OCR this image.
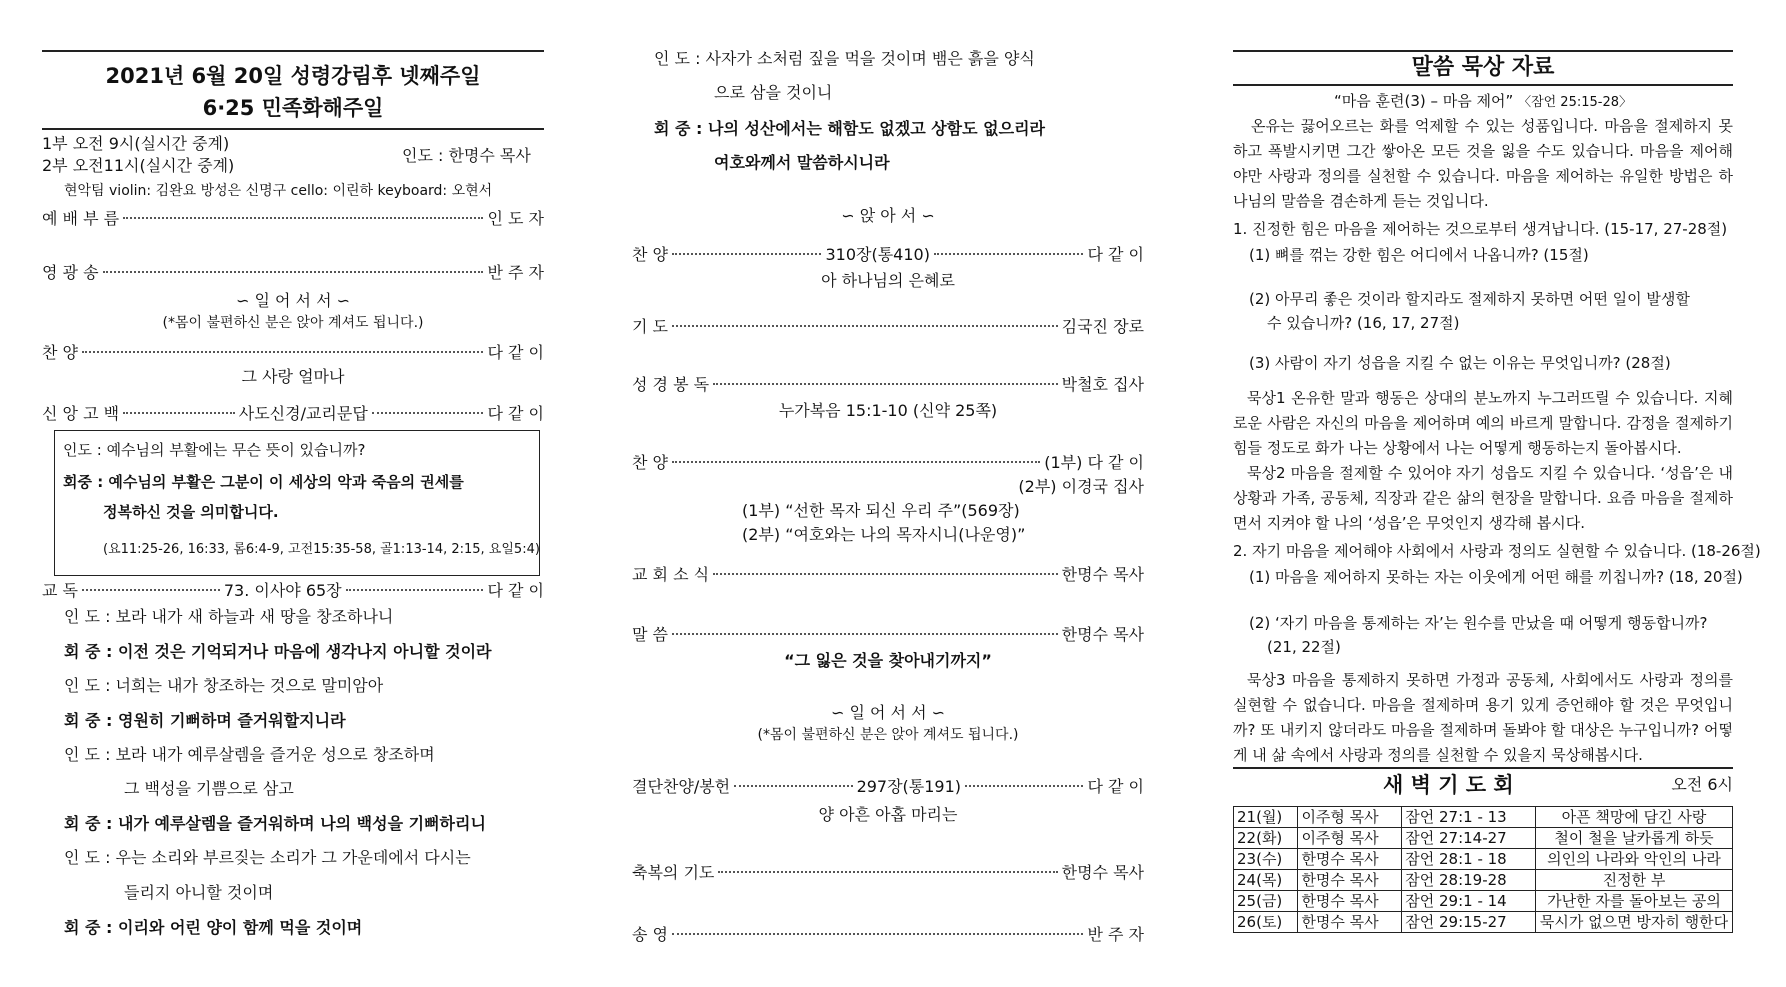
2021년 6월 20일 성령강림후 넷째주일
6·25 민족화해주일
1부 오전 9시(실시간 중계)
2부 오전11시(실시간 중계)
인도 : 한명수 목사
현악팀 violin: 김완요 방성은 신명구 cello: 이린하 keyboard: 오현서
예 배 부 름	인 도 자
영 광 송	반 주 자
∽ 일 어 서 서 ∽
(*몸이 불편하신 분은 앉아 계셔도 됩니다.)
찬 양	다 같 이
그 사랑 얼마나
신 앙 고 백	사도신경/교리문답	다 같 이
인도 : 예수님의 부활에는 무슨 뜻이 있습니까?
회중 : 예수님의 부활은 그분이 이 세상의 악과 죽음의 권세를
정복하신 것을 의미합니다.
(요11:25-26, 16:33, 롬6:4-9, 고전15:35-58, 골1:13-14, 2:15, 요일5:4)
교 독	73. 이사야 65장	다 같 이
인 도 : 보라 내가 새 하늘과 새 땅을 창조하나니
회 중 : 이전 것은 기억되거나 마음에 생각나지 아니할 것이라
인 도 : 너희는 내가 창조하는 것으로 말미암아
회 중 : 영원히 기뻐하며 즐거워할지니라
인 도 : 보라 내가 예루살렘을 즐거운 성으로 창조하며
그 백성을 기쁨으로 삼고
회 중 : 내가 예루살렘을 즐거워하며 나의 백성을 기뻐하리니
인 도 : 우는 소리와 부르짖는 소리가 그 가운데에서 다시는
들리지 아니할 것이며
회 중 : 이리와 어린 양이 함께 먹을 것이며
인 도 : 사자가 소처럼 짚을 먹을 것이며 뱀은 흙을 양식
으로 삼을 것이니
회 중 : 나의 성산에서는 해함도 없겠고 상함도 없으리라
여호와께서 말씀하시니라
∽ 앉 아 서 ∽
찬 양	310장(통410)	다 같 이
아 하나님의 은혜로
기 도	김국진 장로
성 경 봉 독	박철호 집사
누가복음 15:1-10 (신약 25쪽)
찬 양	(1부) 다 같 이
(2부) 이경국 집사
(1부) “선한 목자 되신 우리 주”(569장)
(2부) “여호와는 나의 목자시니(나운영)”
교 회 소 식	한명수 목사
말 씀	한명수 목사
“그 잃은 것을 찾아내기까지”
∽ 일 어 서 서 ∽
(*몸이 불편하신 분은 앉아 계셔도 됩니다.)
결단찬양/봉헌	297장(통191)	다 같 이
양 아흔 아홉 마리는
축복의 기도	한명수 목사
송 영	반 주 자
말씀 묵상 자료
“마음 훈련(3) – 마음 제어” 〈잠언 25:15-28〉
온유는 끓어오르는 화를 억제할 수 있는 성품입니다. 마음을 절제하지 못하고 폭발시키면 그간 쌓아온 모든 것을 잃을 수도 있습니다. 마음을 제어해야만 사랑과 정의를 실천할 수 있습니다. 마음을 제어하는 유일한 방법은 하나님의 말씀을 겸손하게 듣는 것입니다.
1. 진정한 힘은 마음을 제어하는 것으로부터 생겨납니다. (15-17, 27-28절)
(1) 뼈를 꺾는 강한 힘은 어디에서 나옵니까? (15절)
(2) 아무리 좋은 것이라 할지라도 절제하지 못하면 어떤 일이 발생할
수 있습니까? (16, 17, 27절)
(3) 사람이 자기 성읍을 지킬 수 없는 이유는 무엇입니까? (28절)
묵상1 온유한 말과 행동은 상대의 분노까지 누그러뜨릴 수 있습니다. 지혜로운 사람은 자신의 마음을 제어하며 예의 바르게 말합니다. 감정을 절제하기 힘들 정도로 화가 나는 상황에서 나는 어떻게 행동하는지 돌아봅시다.
묵상2 마음을 절제할 수 있어야 자기 성읍도 지킬 수 있습니다. ‘성읍’은 내 상황과 가족, 공동체, 직장과 같은 삶의 현장을 말합니다. 요즘 마음을 절제하면서 지켜야 할 나의 ‘성읍’은 무엇인지 생각해 봅시다.
2. 자기 마음을 제어해야 사회에서 사랑과 정의도 실현할 수 있습니다. (18-26절)
(1) 마음을 제어하지 못하는 자는 이웃에게 어떤 해를 끼칩니까? (18, 20절)
(2) ‘자기 마음을 통제하는 자’는 원수를 만났을 때 어떻게 행동합니까?
(21, 22절)
묵상3 마음을 통제하지 못하면 가정과 공동체, 사회에서도 사랑과 정의를 실현할 수 없습니다. 마음을 절제하며 용기 있게 증언해야 할 것은 무엇입니까? 또 내키지 않더라도 마음을 절제하며 돌봐야 할 대상은 누구입니까? 어떻게 내 삶 속에서 사랑과 정의를 실천할 수 있을지 묵상해봅시다.
새 벽 기 도 회	오전 6시
21(월)	이주형 목사	잠언 27:1 - 13	아픈 책망에 담긴 사랑
22(화)	이주형 목사	잠언 27:14-27	철이 철을 날카롭게 하듯
23(수)	한명수 목사	잠언 28:1 - 18	의인의 나라와 악인의 나라
24(목)	한명수 목사	잠언 28:19-28	진정한 부
25(금)	한명수 목사	잠언 29:1 - 14	가난한 자를 돌아보는 공의
26(토)	한명수 목사	잠언 29:15-27	묵시가 없으면 방자히 행한다
